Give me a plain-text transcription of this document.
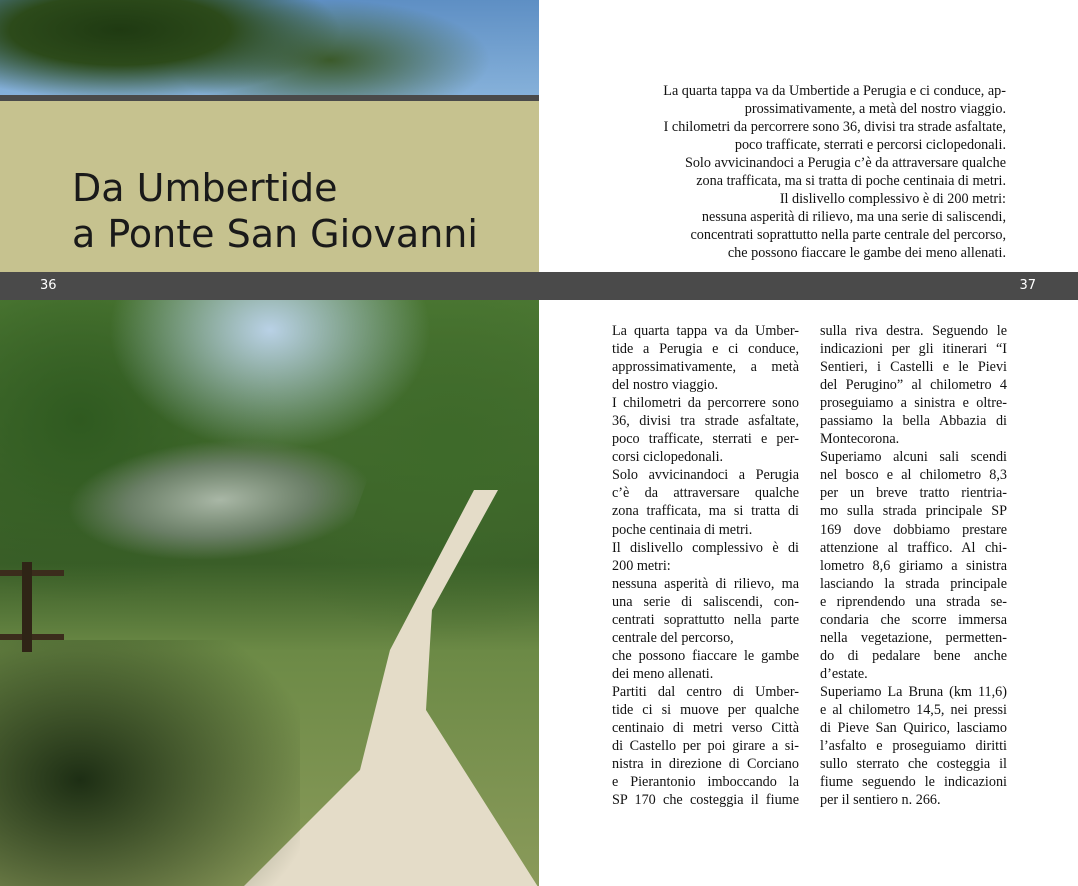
Da Umbertide
a Ponte San Giovanni
36	37
La quarta tappa va da Umbertide a Perugia e ci conduce, ap-
prossimativamente, a metà del nostro viaggio.
I chilometri da percorrere sono 36, divisi tra strade asfaltate,
poco trafficate, sterrati e percorsi ciclopedonali.
Solo avvicinandoci a Perugia c’è da attraversare qualche
zona trafficata, ma si tratta di poche centinaia di metri.
Il dislivello complessivo è di 200 metri:
nessuna asperità di rilievo, ma una serie di saliscendi,
concentrati soprattutto nella parte centrale del percorso,
che possono fiaccare le gambe dei meno allenati.
La quarta tappa va da Umber-
tide a Perugia e ci conduce,
approssimativamente, a metà
del nostro viaggio.
I chilometri da percorrere sono
36, divisi tra strade asfaltate,
poco trafficate, sterrati e per-
corsi ciclopedonali.
Solo avvicinandoci a Perugia
c’è da attraversare qualche
zona trafficata, ma si tratta di
poche centinaia di metri.
Il dislivello complessivo è di
200 metri:
nessuna asperità di rilievo, ma
una serie di saliscendi, con-
centrati soprattutto nella parte
centrale del percorso,
che possono fiaccare le gambe
dei meno allenati.
Partiti dal centro di Umber-
tide ci si muove per qualche
centinaio di metri verso Città
di Castello per poi girare a si-
nistra in direzione di Corciano
e Pierantonio imboccando la
SP 170 che costeggia il fiume
sulla riva destra. Seguendo le
indicazioni per gli itinerari “I
Sentieri, i Castelli e le Pievi
del Perugino” al chilometro 4
proseguiamo a sinistra e oltre-
passiamo la bella Abbazia di
Montecorona.
Superiamo alcuni sali scendi
nel bosco e al chilometro 8,3
per un breve tratto rientria-
mo sulla strada principale SP
169 dove dobbiamo prestare
attenzione al traffico. Al chi-
lometro 8,6 giriamo a sinistra
lasciando la strada principale
e riprendendo una strada se-
condaria che scorre immersa
nella vegetazione, permetten-
do di pedalare bene anche
d’estate.
Superiamo La Bruna (km 11,6)
e al chilometro 14,5, nei pressi
di Pieve San Quirico, lasciamo
l’asfalto e proseguiamo diritti
sullo sterrato che costeggia il
fiume seguendo le indicazioni
per il sentiero n. 266.
